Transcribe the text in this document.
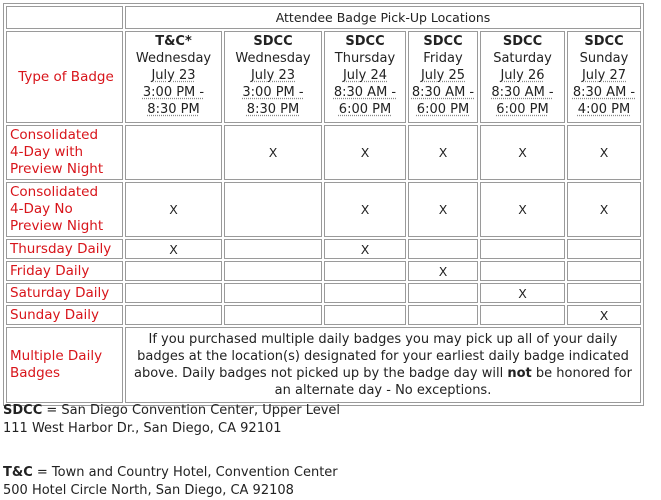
	Attendee Badge Pick-Up Locations					
Type of Badge	T&C*
Wednesday
July 23
3:00 PM -
8:30 PM	SDCC
Wednesday
July 23
3:00 PM -
8:30 PM	SDCC
Thursday
July 24
8:30 AM -
6:00 PM	SDCC
Friday
July 25
8:30 AM -
6:00 PM	SDCC
Saturday
July 26
8:30 AM -
6:00 PM	SDCC
Sunday
July 27
8:30 AM -
4:00 PM

Consolidated
4-Day with
Preview Night		X	X	X	X	X
Consolidated
4-Day No
Preview Night	X		X	X	X	X
Thursday Daily	X		X			
Friday Daily				X		
Saturday Daily					X	
Sunday Daily						X
Multiple Daily
Badges	If you purchased multiple daily badges you may pick up all of your daily badges at the location(s) designated for your earliest daily badge indicated above. Daily badges not picked up by the badge day will not be honored for an alternate day - No exceptions.					
SDCC = San Diego Convention Center, Upper Level
111 West Harbor Dr., San Diego, CA 92101
T&C = Town and Country Hotel, Convention Center
500 Hotel Circle North, San Diego, CA 92108
